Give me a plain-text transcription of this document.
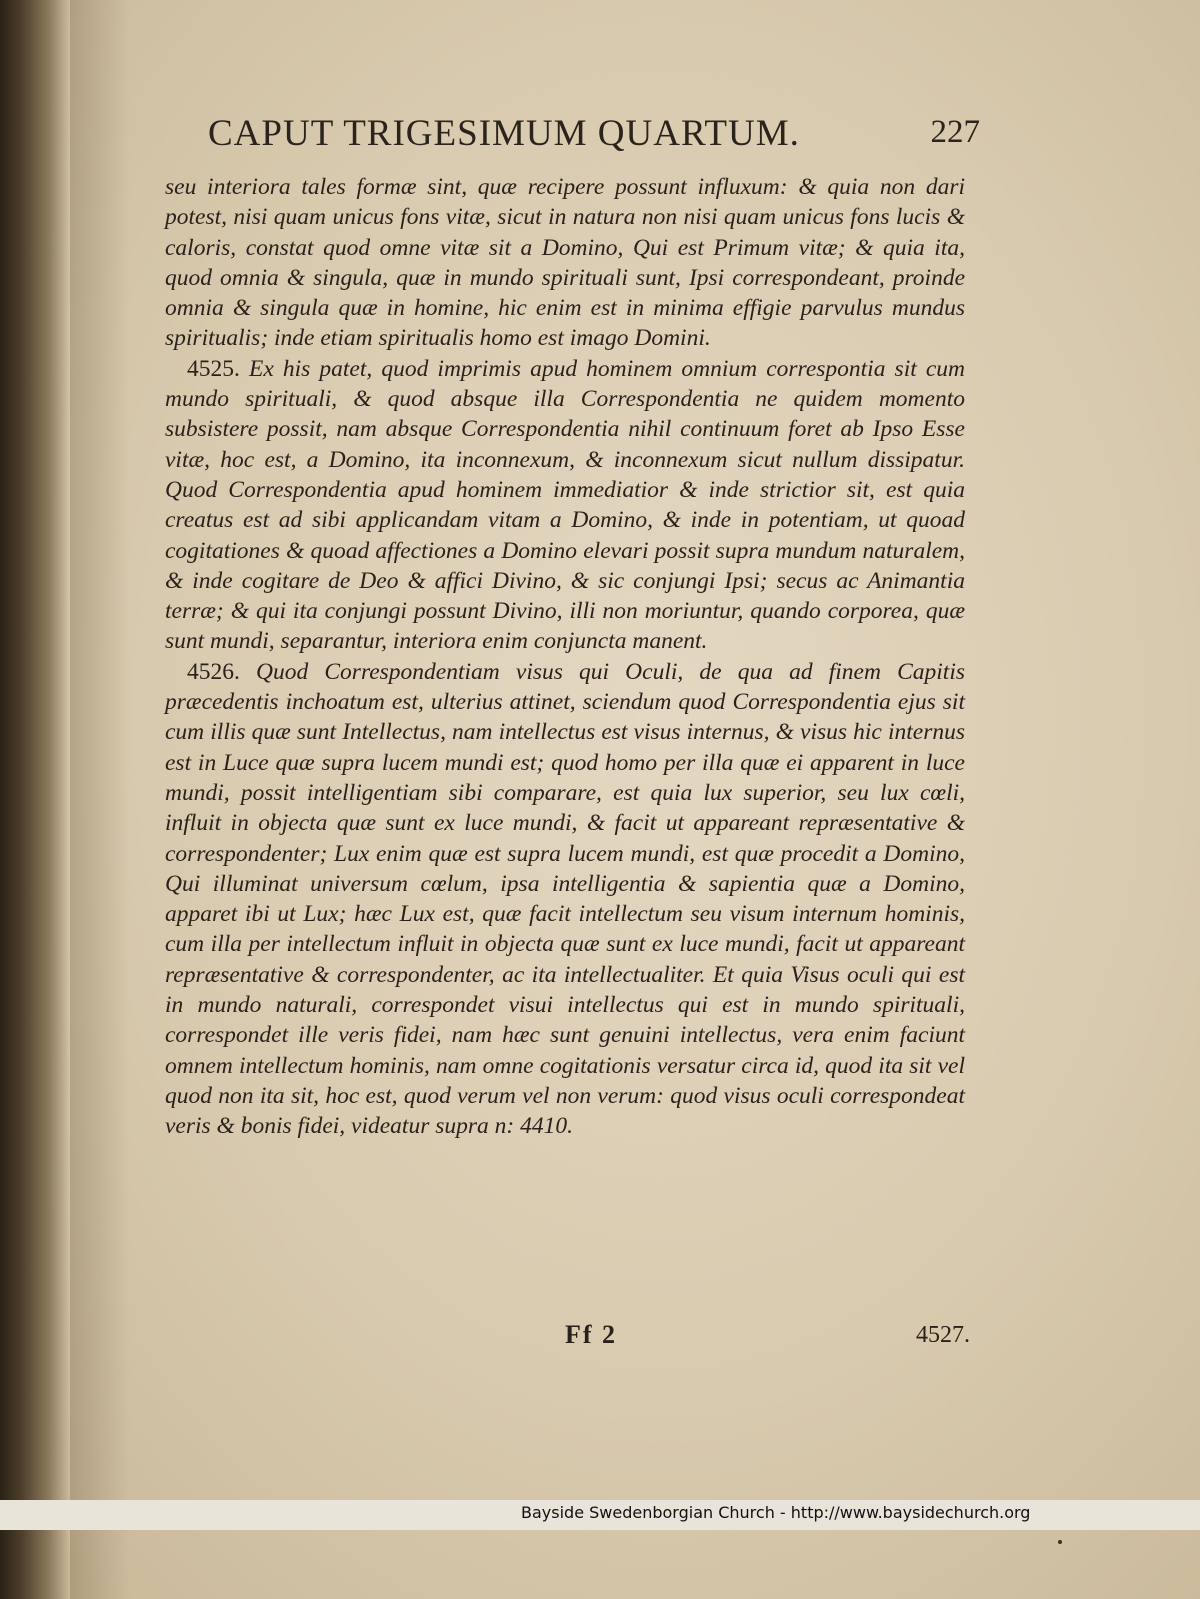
CAPUT TRIGESIMUM QUARTUM.	227

seu interiora tales formæ sint, quæ recipere possunt influxum: & quia non dari potest, nisi quam unicus fons vitæ, sicut in natura non nisi quam unicus fons lucis & caloris, constat quod omne vitæ sit a Domino, Qui est Primum vitæ; & quia ita, quod omnia & singula, quæ in mundo spirituali sunt, Ipsi correspondeant, proinde omnia & singula quæ in homine, hic enim est in minima effigie parvulus mundus spiritualis; inde etiam spiritualis homo est imago Domini.

4525. Ex his patet, quod imprimis apud hominem omnium correspontia sit cum mundo spirituali, & quod absque illa Correspondentia ne quidem momento subsistere possit, nam absque Correspondentia nihil continuum foret ab Ipso Esse vitæ, hoc est, a Domino, ita inconnexum, & inconnexum sicut nullum dissipatur. Quod Correspondentia apud hominem immediatior & inde strictior sit, est quia creatus est ad sibi applicandam vitam a Domino, & inde in potentiam, ut quoad cogitationes & quoad affectiones a Domino elevari possit supra mundum naturalem, & inde cogitare de Deo & affici Divino, & sic conjungi Ipsi; secus ac Animantia terræ; & qui ita conjungi possunt Divino, illi non moriuntur, quando corporea, quæ sunt mundi, separantur, interiora enim conjuncta manent.

4526. Quod Correspondentiam visus qui Oculi, de qua ad finem Capitis præcedentis inchoatum est, ulterius attinet, sciendum quod Correspondentia ejus sit cum illis quæ sunt Intellectus, nam intellectus est visus internus, & visus hic internus est in Luce quæ supra lucem mundi est; quod homo per illa quæ ei apparent in luce mundi, possit intelligentiam sibi comparare, est quia lux superior, seu lux cœli, influit in objecta quæ sunt ex luce mundi, & facit ut appareant repræsentative & correspondenter; Lux enim quæ est supra lucem mundi, est quæ procedit a Domino, Qui illuminat universum cœlum, ipsa intelligentia & sapientia quæ a Domino, apparet ibi ut Lux; hæc Lux est, quæ facit intellectum seu visum internum hominis, cum illa per intellectum influit in objecta quæ sunt ex luce mundi, facit ut appareant repræsentative & correspondenter, ac ita intellectualiter. Et quia Visus oculi qui est in mundo naturali, correspondet visui intellectus qui est in mundo spirituali, correspondet ille veris fidei, nam hæc sunt genuini intellectus, vera enim faciunt omnem intellectum hominis, nam omne cogitationis versatur circa id, quod ita sit vel quod non ita sit, hoc est, quod verum vel non verum: quod visus oculi correspondeat veris & bonis fidei, videatur supra n: 4410.

Ff 2	4527.
Bayside Swedenborgian Church - http://www.baysidechurch.org
